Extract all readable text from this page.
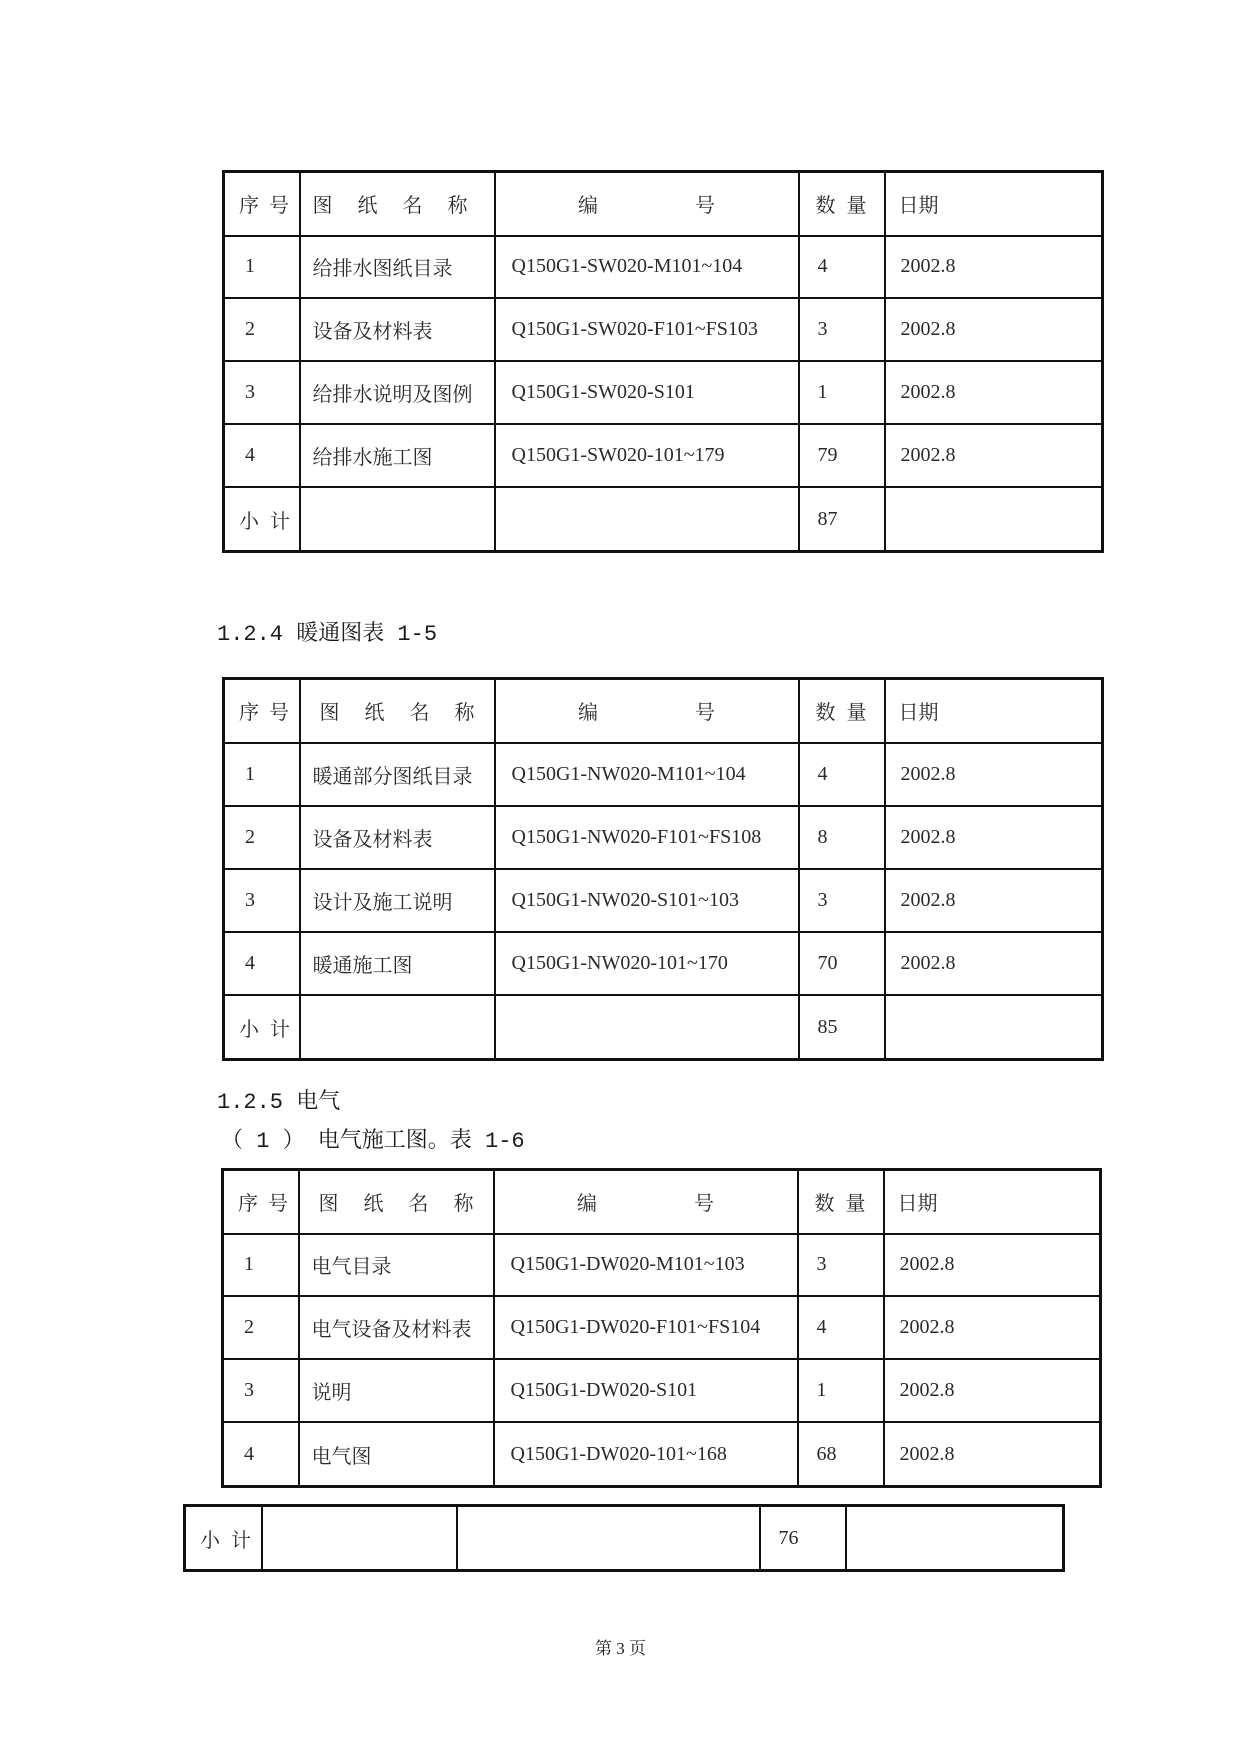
序 号	图 纸 名 称	编 号	数 量	日期
1	给排水图纸目录	Q150G1-SW020-M101~104	4	2002.8
2	设备及材料表	Q150G1-SW020-F101~FS103	3	2002.8
3	给排水说明及图例	Q150G1-SW020-S101	1	2002.8
4	给排水施工图	Q150G1-SW020-101~179	79	2002.8
小 计			87	
1.2.4 暖通图表 1-5
序 号	图 纸 名 称	编 号	数 量	日期
1	暖通部分图纸目录	Q150G1-NW020-M101~104	4	2002.8
2	设备及材料表	Q150G1-NW020-F101~FS108	8	2002.8
3	设计及施工说明	Q150G1-NW020-S101~103	3	2002.8
4	暖通施工图	Q150G1-NW020-101~170	70	2002.8
小 计			85	
1.2.5 电气
（ 1 ） 电气施工图。表 1-6
序 号	图 纸 名 称	编 号	数 量	日期
1	电气目录	Q150G1-DW020-M101~103	3	2002.8
2	电气设备及材料表	Q150G1-DW020-F101~FS104	4	2002.8
3	说明	Q150G1-DW020-S101	1	2002.8
4	电气图	Q150G1-DW020-101~168	68	2002.8
小 计			76	
第 3 页
